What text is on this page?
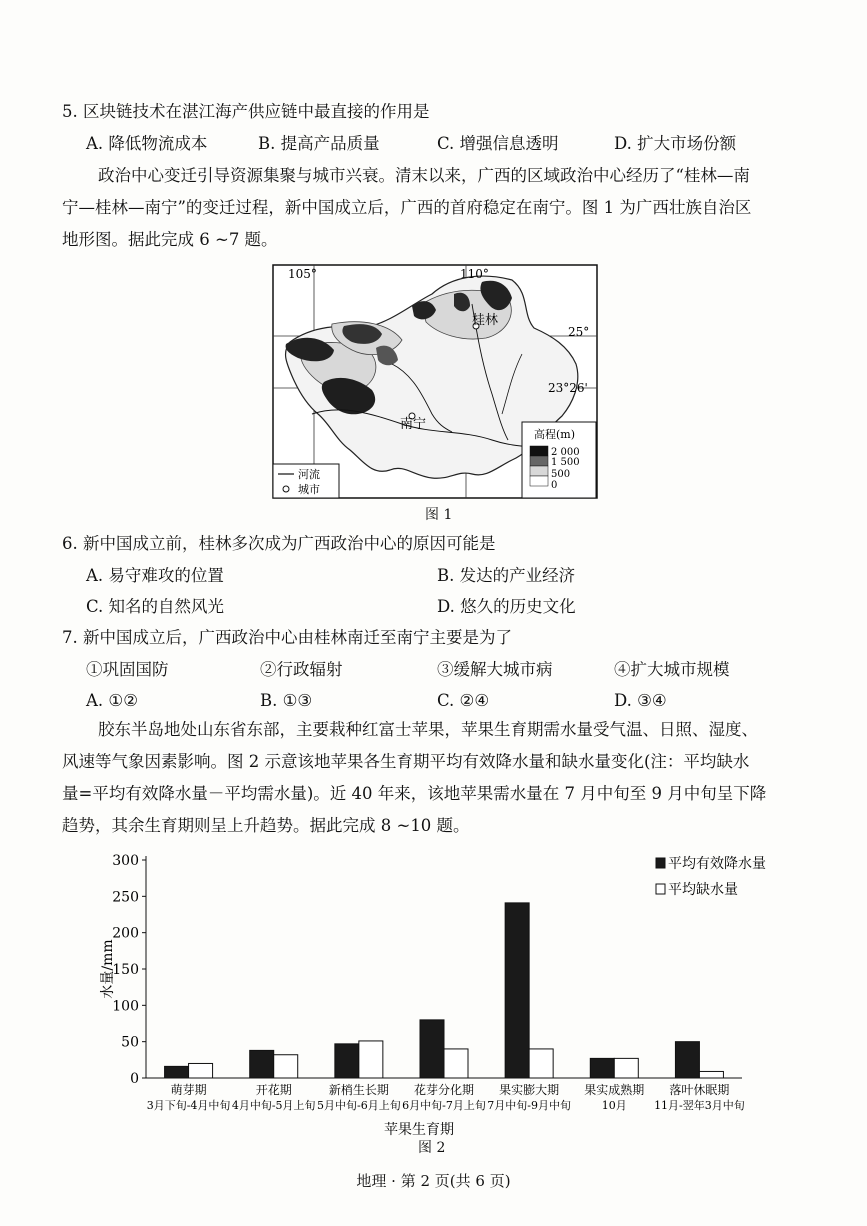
5. 区块链技术在湛江海产供应链中最直接的作用是
A. 降低物流成本	B. 提高产品质量	C. 增强信息透明	D. 扩大市场份额
政治中心变迁引导资源集聚与城市兴衰。清末以来，广西的区域政治中心经历了“桂林—南
宁—桂林—南宁”的变迁过程，新中国成立后，广西的首府稳定在南宁。图 1 为广西壮族自治区
地形图。据此完成 6 ~7 题。
105°	110°
25°
23°26'
桂林
南宁
高程(m)
2 000
1 500
500
0
河流
城市
图 1
6. 新中国成立前，桂林多次成为广西政治中心的原因可能是
A. 易守难攻的位置	B. 发达的产业经济
C. 知名的自然风光	D. 悠久的历史文化
7. 新中国成立后，广西政治中心由桂林南迁至南宁主要是为了
①巩固国防	②行政辐射	③缓解大城市病	④扩大城市规模
A. ①②	B. ①③	C. ②④	D. ③④
胶东半岛地处山东省东部，主要栽种红富士苹果，苹果生育期需水量受气温、日照、湿度、
风速等气象因素影响。图 2 示意该地苹果各生育期平均有效降水量和缺水量变化(注：平均缺水
量=平均有效降水量－平均需水量)。近 40 年来，该地苹果需水量在 7 月中旬至 9 月中旬呈下降
趋势，其余生育期则呈上升趋势。据此完成 8 ~10 题。
0
50
100
150
200
250
300
水量/mm
萌芽期
3月下旬-4月中旬
开花期
4月中旬-5月上旬
新梢生长期
5月中旬-6月上旬
花芽分化期
6月中旬-7月上旬
果实膨大期
7月中旬-9月中旬
果实成熟期
10月
落叶休眠期
11月-翌年3月中旬
苹果生育期
平均有效降水量
平均缺水量
图 2
地理 · 第 2 页(共 6 页)
